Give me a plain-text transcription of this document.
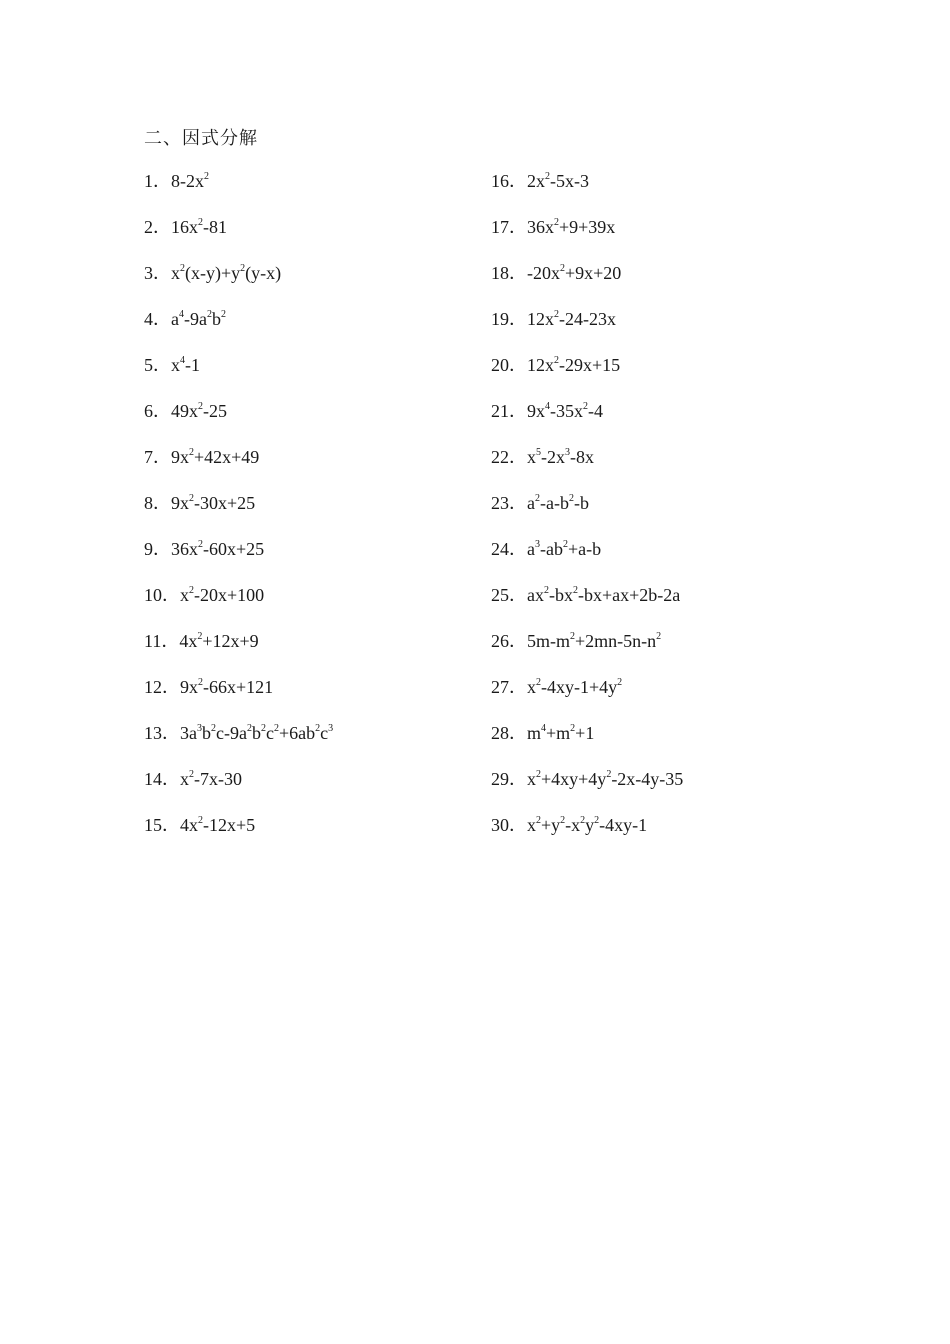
二、因式分解
1．$8-2x^2$
2．$16x^2-81$
3．$x^2(x-y)+y^2(y-x)$
4．$a^4-9a^2b^2$
5．$x^4-1$
6．$49x^2-25$
7．$9x^2+42x+49$
8．$9x^2-30x+25$
9．$36x^2-60x+25$
10．$x^2-20x+100$
11．$4x^2+12x+9$
12．$9x^2-66x+121$
13．$3a^3b^2c-9a^2b^2c^2+6ab^2c^3$
14．$x^2-7x-30$
15．$4x^2-12x+5$
16．$2x^2-5x-3$
17．$36x^2+9+39x$
18．$-20x^2+9x+20$
19．$12x^2-24-23x$
20．$12x^2-29x+15$
21．$9x^4-35x^2-4$
22．$x^5-2x^3-8x$
23．$a^2-a-b^2-b$
24．$a^3-ab^2+a-b$
25．$ax^2-bx^2-bx+ax+2b-2a$
26．$5m-m^2+2mn-5n-n^2$
27．$x^2-4xy-1+4y^2$
28．$m^4+m^2+1$
29．$x^2+4xy+4y^2-2x-4y-35$
30．$x^2+y^2-x^2y^2-4xy-1$
